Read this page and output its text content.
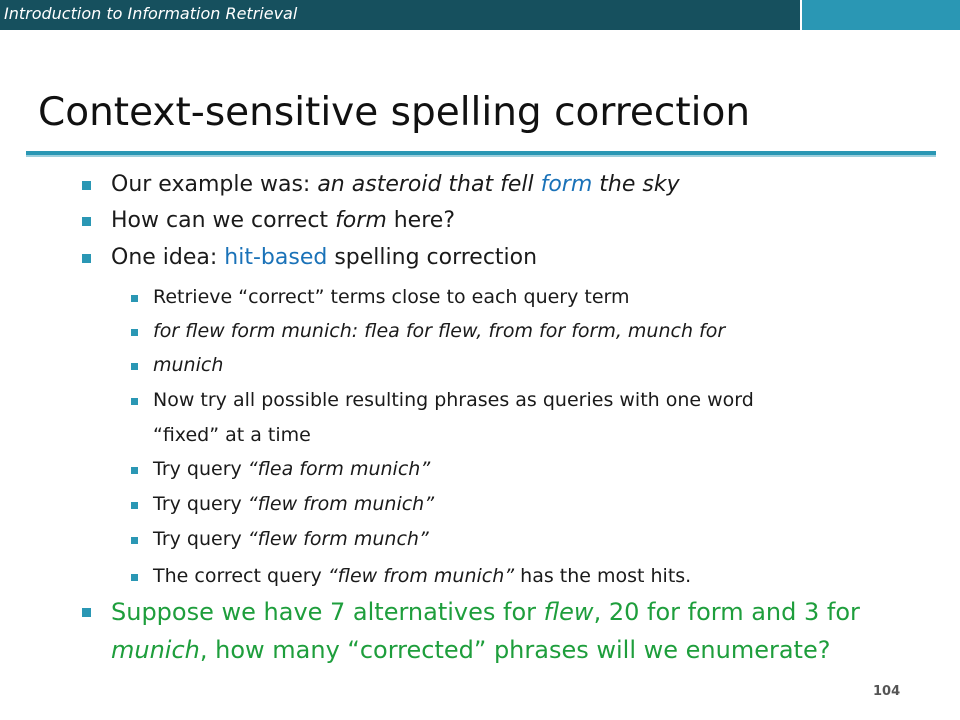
Introduction to Information Retrieval
Context-sensitive spelling correction
Our example was: an asteroid that fell form the sky
How can we correct form here?
One idea: hit-based spelling correction
Retrieve “correct” terms close to each query term
for flew form munich: flea for flew, from for form, munch for
munich
Now try all possible resulting phrases as queries with one word
“fixed” at a time
Try query “flea form munich”
Try query “flew from munich”
Try query “flew form munch”
The correct query “flew from munich” has the most hits.
Suppose we have 7 alternatives for flew, 20 for form and 3 for
munich, how many “corrected” phrases will we enumerate?
104
